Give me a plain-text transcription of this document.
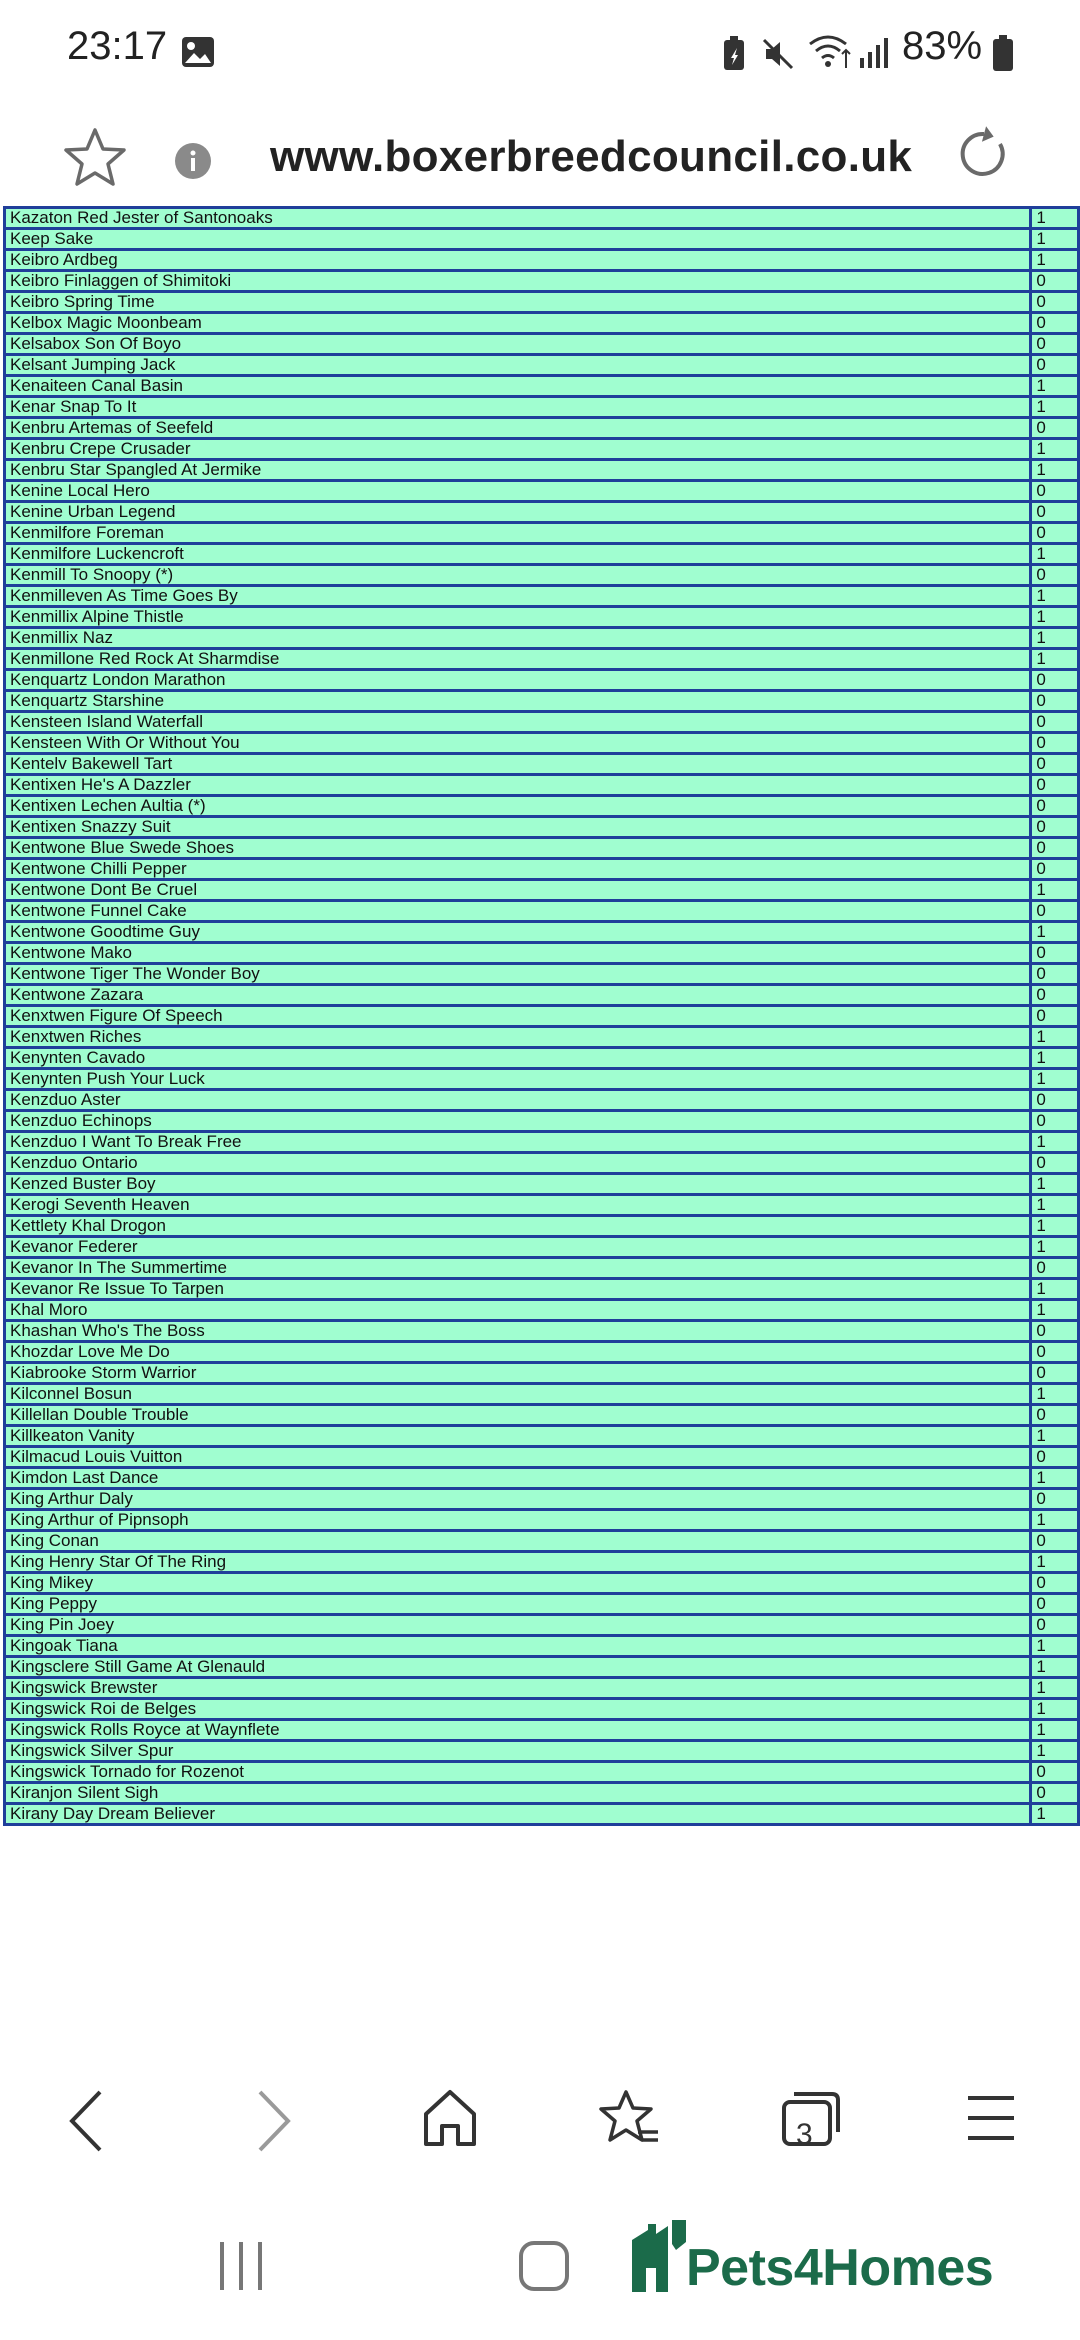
23:17	83%
www.boxerbreedcouncil.co.uk
Kazaton Red Jester of Santonoaks	1
Keep Sake	1
Keibro Ardbeg	1
Keibro Finlaggen of Shimitoki	0
Keibro Spring Time	0
Kelbox Magic Moonbeam	0
Kelsabox Son Of Boyo	0
Kelsant Jumping Jack	0
Kenaiteen Canal Basin	1
Kenar Snap To It	1
Kenbru Artemas of Seefeld	0
Kenbru Crepe Crusader	1
Kenbru Star Spangled At Jermike	1
Kenine Local Hero	0
Kenine Urban Legend	0
Kenmilfore Foreman	0
Kenmilfore Luckencroft	1
Kenmill To Snoopy (*)	0
Kenmilleven As Time Goes By	1
Kenmillix Alpine Thistle	1
Kenmillix Naz	1
Kenmillone Red Rock At Sharmdise	1
Kenquartz London Marathon	0
Kenquartz Starshine	0
Kensteen Island Waterfall	0
Kensteen With Or Without You	0
Kentelv Bakewell Tart	0
Kentixen He's A Dazzler	0
Kentixen Lechen Aultia (*)	0
Kentixen Snazzy Suit	0
Kentwone Blue Swede Shoes	0
Kentwone Chilli Pepper	0
Kentwone Dont Be Cruel	1
Kentwone Funnel Cake	0
Kentwone Goodtime Guy	1
Kentwone Mako	0
Kentwone Tiger The Wonder Boy	0
Kentwone Zazara	0
Kenxtwen Figure Of Speech	0
Kenxtwen Riches	1
Kenynten Cavado	1
Kenynten Push Your Luck	1
Kenzduo Aster	0
Kenzduo Echinops	0
Kenzduo I Want To Break Free	1
Kenzduo Ontario	0
Kenzed Buster Boy	1
Kerogi Seventh Heaven	1
Kettlety Khal Drogon	1
Kevanor Federer	1
Kevanor In The Summertime	0
Kevanor Re Issue To Tarpen	1
Khal Moro	1
Khashan Who's The Boss	0
Khozdar Love Me Do	0
Kiabrooke Storm Warrior	0
Kilconnel Bosun	1
Killellan Double Trouble	0
Killkeaton Vanity	1
Kilmacud Louis Vuitton	0
Kimdon Last Dance	1
King Arthur Daly	0
King Arthur of Pipnsoph	1
King Conan	0
King Henry Star Of The Ring	1
King Mikey	0
King Peppy	0
King Pin Joey	0
Kingoak Tiana	1
Kingsclere Still Game At Glenauld	1
Kingswick Brewster	1
Kingswick Roi de Belges	1
Kingswick Rolls Royce at Waynflete	1
Kingswick Silver Spur	1
Kingswick Tornado for Rozenot	0
Kiranjon Silent Sigh	0
Kirany Day Dream Believer	1
3
Pets4Homes
